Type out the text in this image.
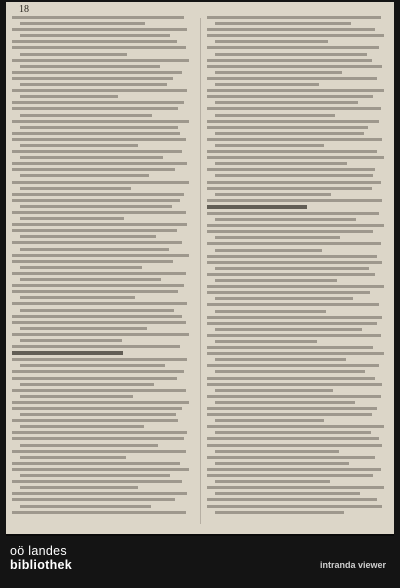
18
oö landes
bibliothek	intranda viewer
